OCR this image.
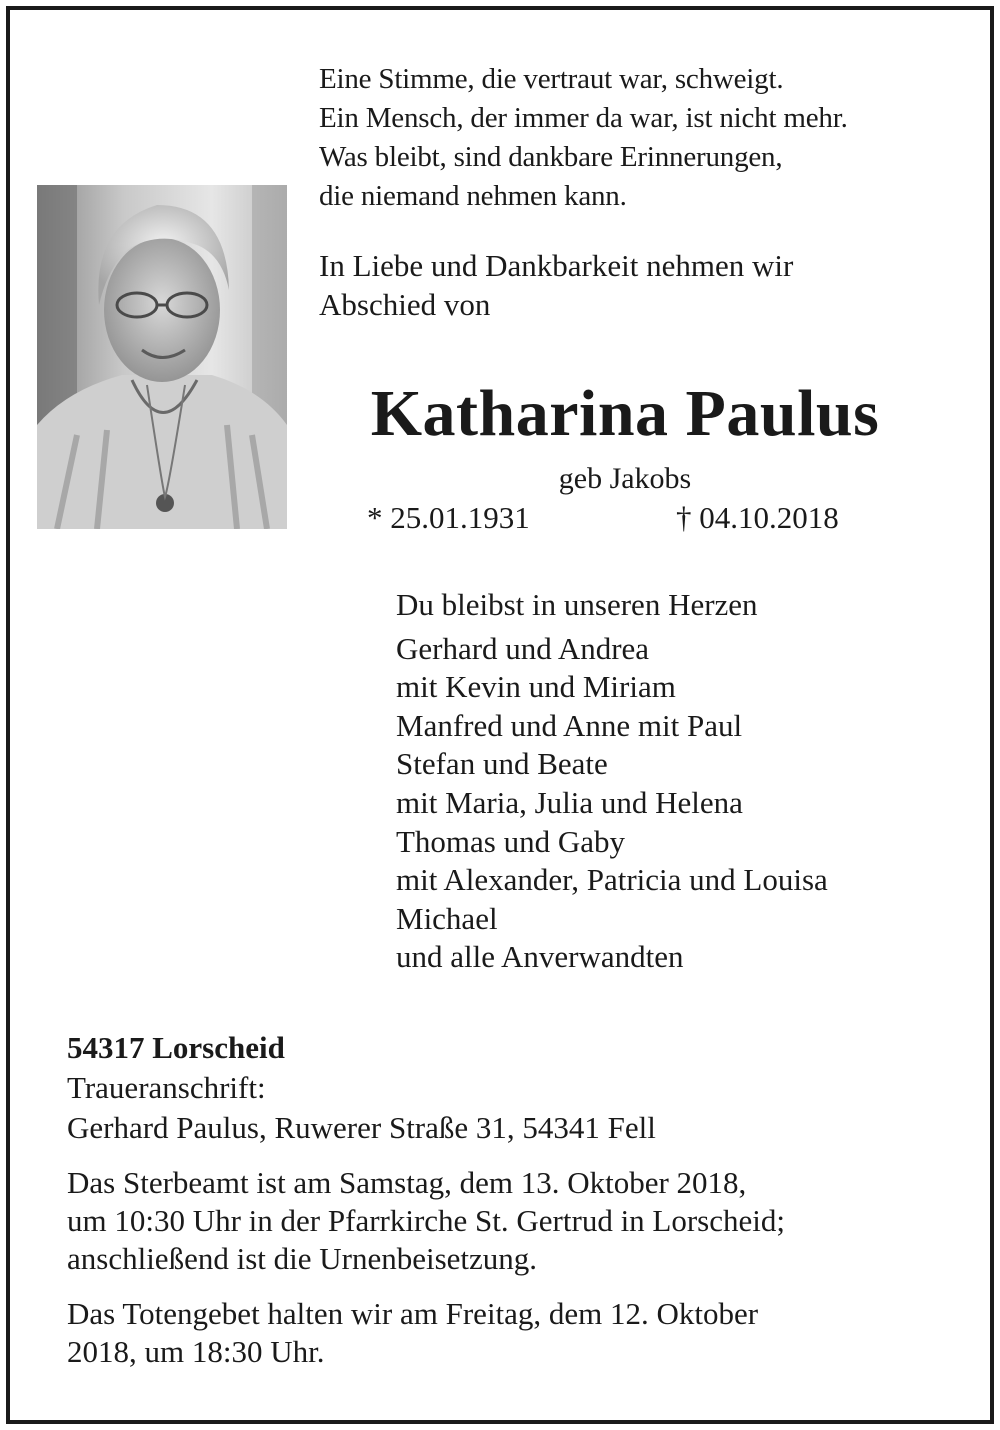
Eine Stimme, die vertraut war, schweigt.
Ein Mensch, der immer da war, ist nicht mehr.
Was bleibt, sind dankbare Erinnerungen,
die niemand nehmen kann.
In Liebe und Dankbarkeit nehmen wir
Abschied von
Katharina Paulus
geb Jakobs
* 25.01.1931	† 04.10.2018
Du bleibst in unseren Herzen
Gerhard und Andrea
mit Kevin und Miriam
Manfred und Anne mit Paul
Stefan und Beate
mit Maria, Julia und Helena
Thomas und Gaby
mit Alexander, Patricia und Louisa
Michael
und alle Anverwandten
54317 Lorscheid
Traueranschrift:
Gerhard Paulus, Ruwerer Straße 31, 54341 Fell
Das Sterbeamt ist am Samstag, dem 13. Oktober 2018,
um 10:30 Uhr in der Pfarrkirche St. Gertrud in Lorscheid;
anschließend ist die Urnenbeisetzung.
Das Totengebet halten wir am Freitag, dem 12. Oktober
2018, um 18:30 Uhr.
